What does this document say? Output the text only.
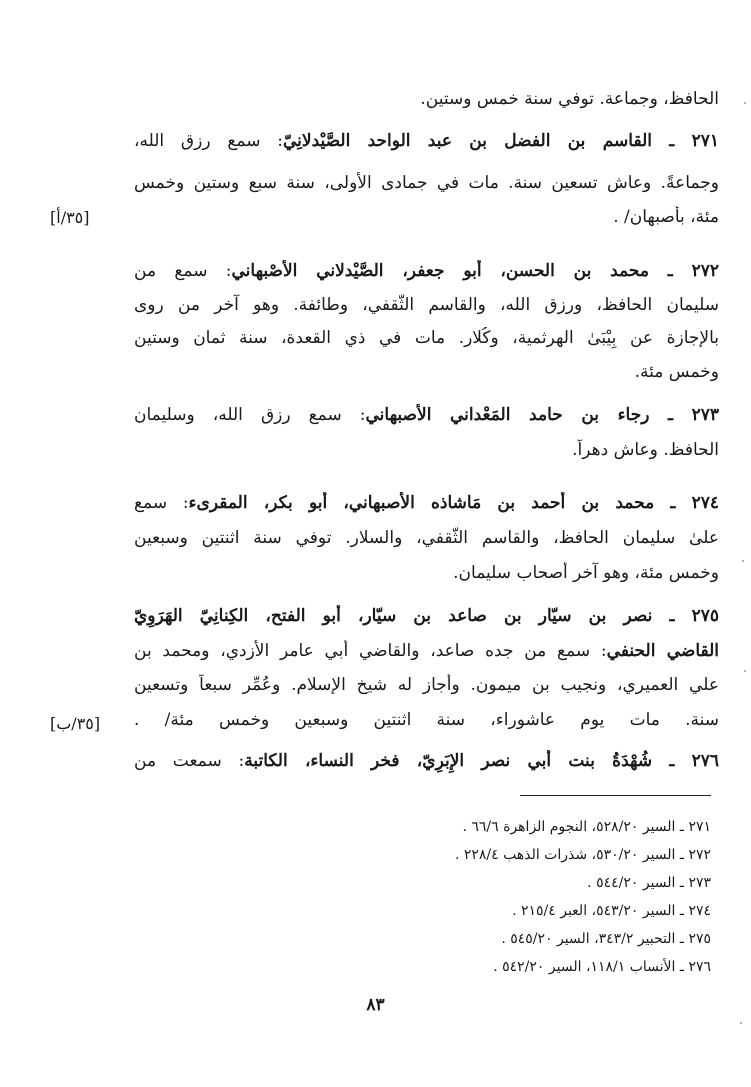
الحافظ، وجماعة. توفي سنة خمس وستين.
٢٧١ ـ القاسم بن الفضل بن عبد الواحد الصَّيْدلانِيّ: سمع رزق الله،
وجماعةً. وعاش تسعين سنة. مات في جمادى الأولى، سنة سبع وستين وخمس
مئة، بأصبهان/ .
٢٧٢ ـ محمد بن الحسن، أبو جعفر، الصَّيْدلاني الأَصْبهاني: سمع من
سليمان الحافظ، ورزق الله، والقاسم الثَّقفي، وطائفة. وهو آخر من روى
بالإجازة عن بِيْبَىٰ الهرثمية، وكُلار. مات في ذي القعدة، سنة ثمان وستين
وخمس مئة.
٢٧٣ ـ رجاء بن حامد المَعْداني الأصبهاني: سمع رزق الله، وسليمان
الحافظ. وعاش دهراً.
٢٧٤ ـ محمد بن أحمد بن مَاشاذه الأصبهاني، أبو بكر، المقرىء: سمع
علىٰ سليمان الحافظ، والقاسم الثَّقفي، والسلار. توفي سنة اثنتين وسبعين
وخمس مئة، وهو آخر أصحاب سليمان.
٢٧٥ ـ نصر بن سيّار بن صاعد بن سيّار، أبو الفتح، الكِنانِيّ الهَرَوِيّ
القاضي الحنفي: سمع من جده صاعد، والقاضي أبي عامر الأزدي، ومحمد بن
علي العميري، ونجيب بن ميمون. وأجاز له شيخ الإسلام. وعُمِّر سبعاً وتسعين
سنة. مات يوم عاشوراء، سنة اثنتين وسبعين وخمس مئة/ .
٢٧٦ ـ شُهْدَةُ بنت أبي نصر الإِبَرِيّ، فخر النساء، الكاتبة: سمعت من
[٣٥/أ]
[٣٥/ب]
٢٧١ ـ السير ٥٢٨/٢٠، النجوم الزاهرة ٦٦/٦ .
٢٧٢ ـ السير ٥٣٠/٢٠، شذرات الذهب ٢٢٨/٤ .
٢٧٣ ـ السير ٥٤٤/٢٠ .
٢٧٤ ـ السير ٥٤٣/٢٠، العبر ٢١٥/٤ .
٢٧٥ ـ التحبير ٣٤٣/٢، السير ٥٤٥/٢٠ .
٢٧٦ ـ الأنساب ١١٨/١، السير ٥٤٢/٢٠ .
٨٣
